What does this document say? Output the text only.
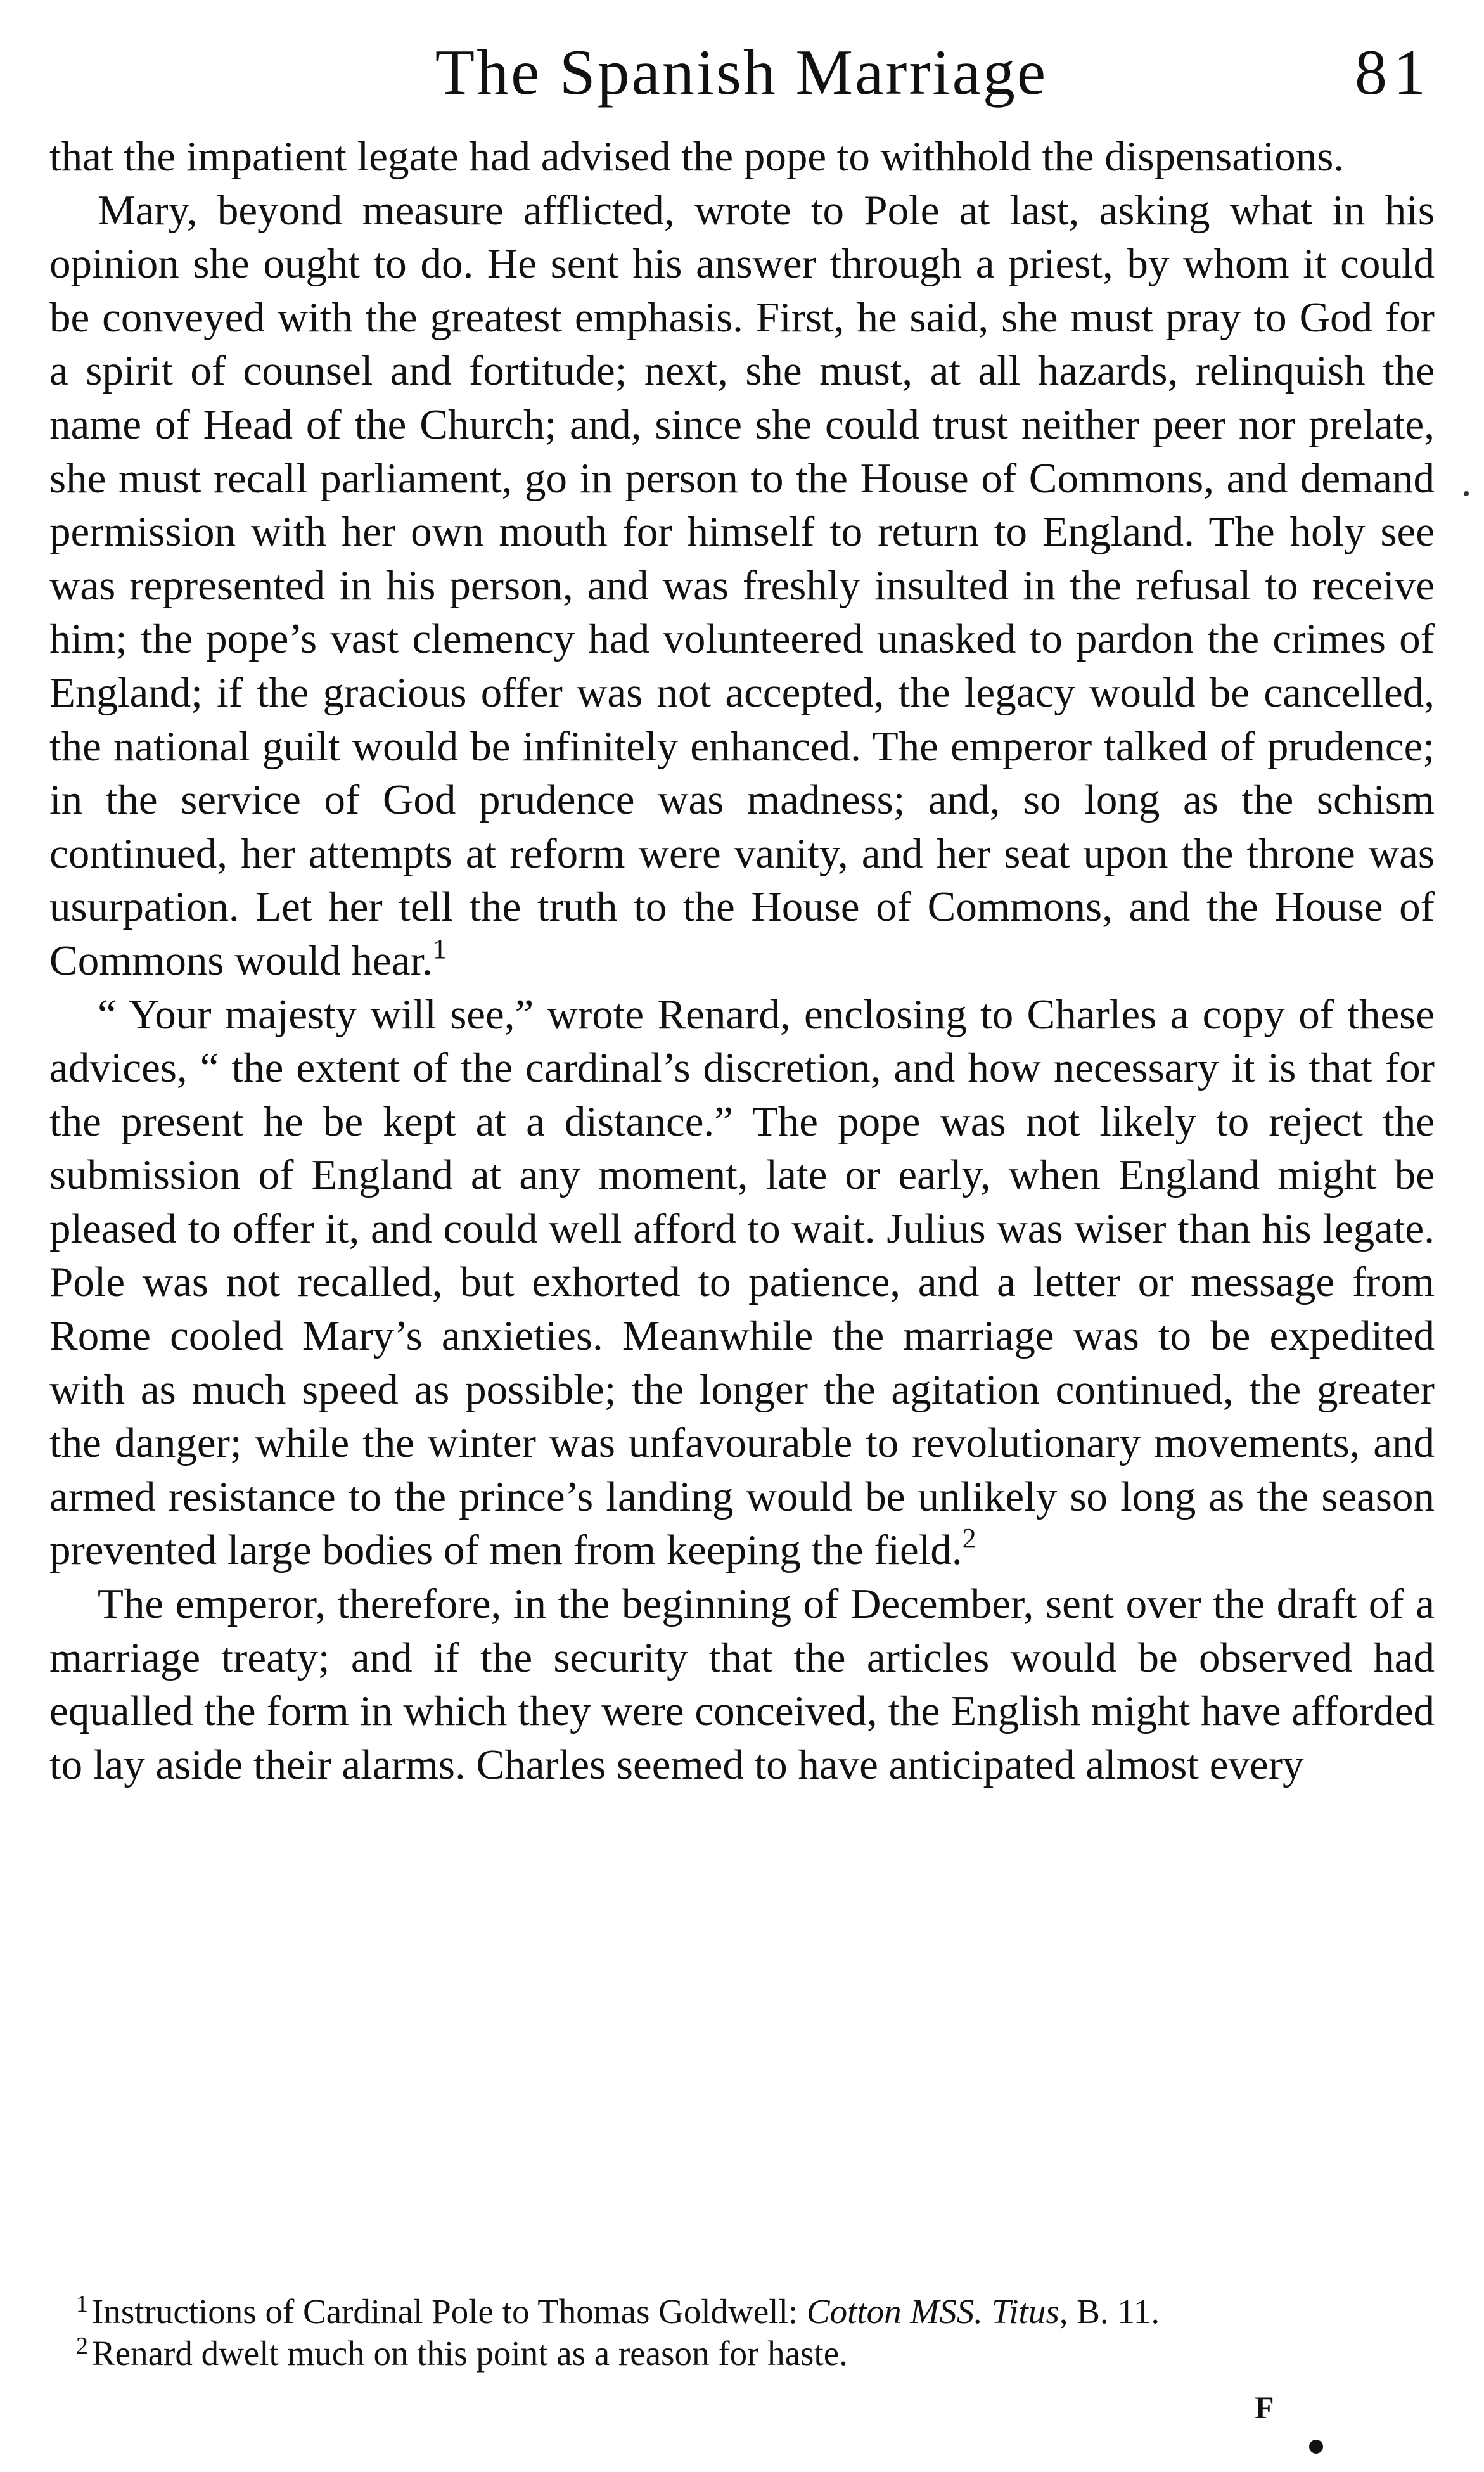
The Spanish Marriage	81

that the impatient legate had advised the pope to withhold the dispensations.

Mary, beyond measure afflicted, wrote to Pole at last, asking what in his opinion she ought to do. He sent his answer through a priest, by whom it could be conveyed with the greatest emphasis. First, he said, she must pray to God for a spirit of counsel and fortitude; next, she must, at all hazards, relinquish the name of Head of the Church; and, since she could trust neither peer nor prelate, she must recall parliament, go in person to the House of Commons, and demand permission with her own mouth for himself to return to England. The holy see was represented in his person, and was freshly insulted in the refusal to receive him; the pope’s vast clemency had volunteered unasked to pardon the crimes of England; if the gracious offer was not accepted, the legacy would be cancelled, the national guilt would be infinitely enhanced. The emperor talked of prudence; in the service of God prudence was madness; and, so long as the schism continued, her attempts at reform were vanity, and her seat upon the throne was usurpation. Let her tell the truth to the House of Commons, and the House of Commons would hear.$^1$

“ Your majesty will see,” wrote Renard, enclosing to Charles a copy of these advices, “ the extent of the cardinal’s discretion, and how necessary it is that for the present he be kept at a distance.” The pope was not likely to reject the submission of England at any moment, late or early, when England might be pleased to offer it, and could well afford to wait. Julius was wiser than his legate. Pole was not recalled, but exhorted to patience, and a letter or message from Rome cooled Mary’s anxieties. Meanwhile the marriage was to be expedited with as much speed as possible; the longer the agitation continued, the greater the danger; while the winter was unfavourable to revolutionary movements, and armed resistance to the prince’s landing would be unlikely so long as the season prevented large bodies of men from keeping the field.$^2$

The emperor, therefore, in the beginning of December, sent over the draft of a marriage treaty; and if the security that the articles would be observed had equalled the form in which they were conceived, the English might have afforded to lay aside their alarms. Charles seemed to have anticipated almost every

$^1$ Instructions of Cardinal Pole to Thomas Goldwell: Cotton MSS. Titus, B. 11.

$^2$ Renard dwelt much on this point as a reason for haste.

F
